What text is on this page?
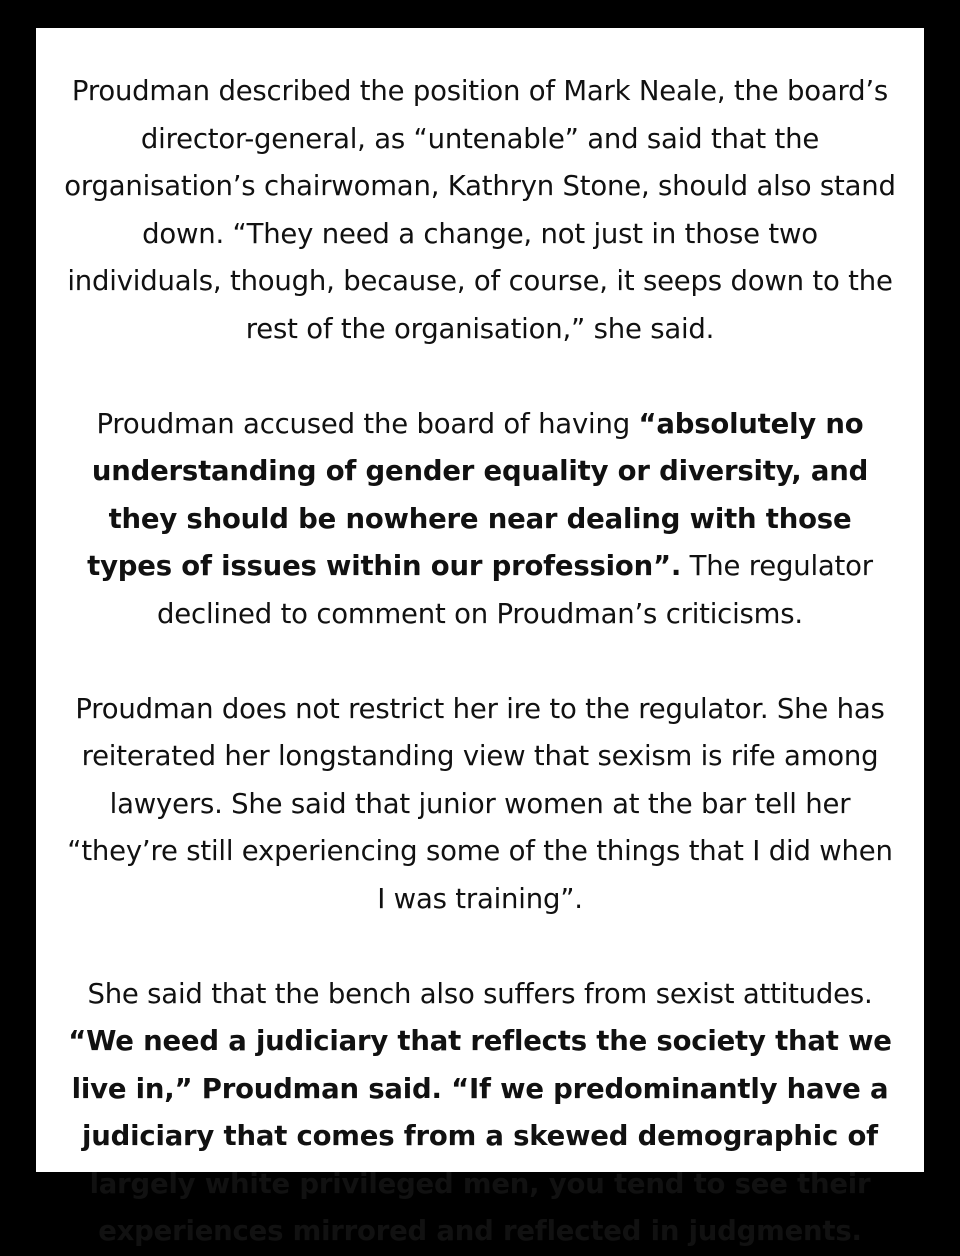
Proudman described the position of Mark Neale, the board’s director-general, as “untenable” and said that the organisation’s chairwoman, Kathryn Stone, should also stand down. “They need a change, not just in those two individuals, though, because, of course, it seeps down to the rest of the organisation,” she said.

Proudman accused the board of having “absolutely no understanding of gender equality or diversity, and they should be nowhere near dealing with those types of issues within our profession”. The regulator declined to comment on Proudman’s criticisms.

Proudman does not restrict her ire to the regulator. She has reiterated her longstanding view that sexism is rife among lawyers. She said that junior women at the bar tell her “they’re still experiencing some of the things that I did when I was training”.

She said that the bench also suffers from sexist attitudes. “We need a judiciary that reflects the society that we live in,” Proudman said. “If we predominantly have a judiciary that comes from a skewed demographic of largely white privileged men, you tend to see their experiences mirrored and reflected in judgments.
